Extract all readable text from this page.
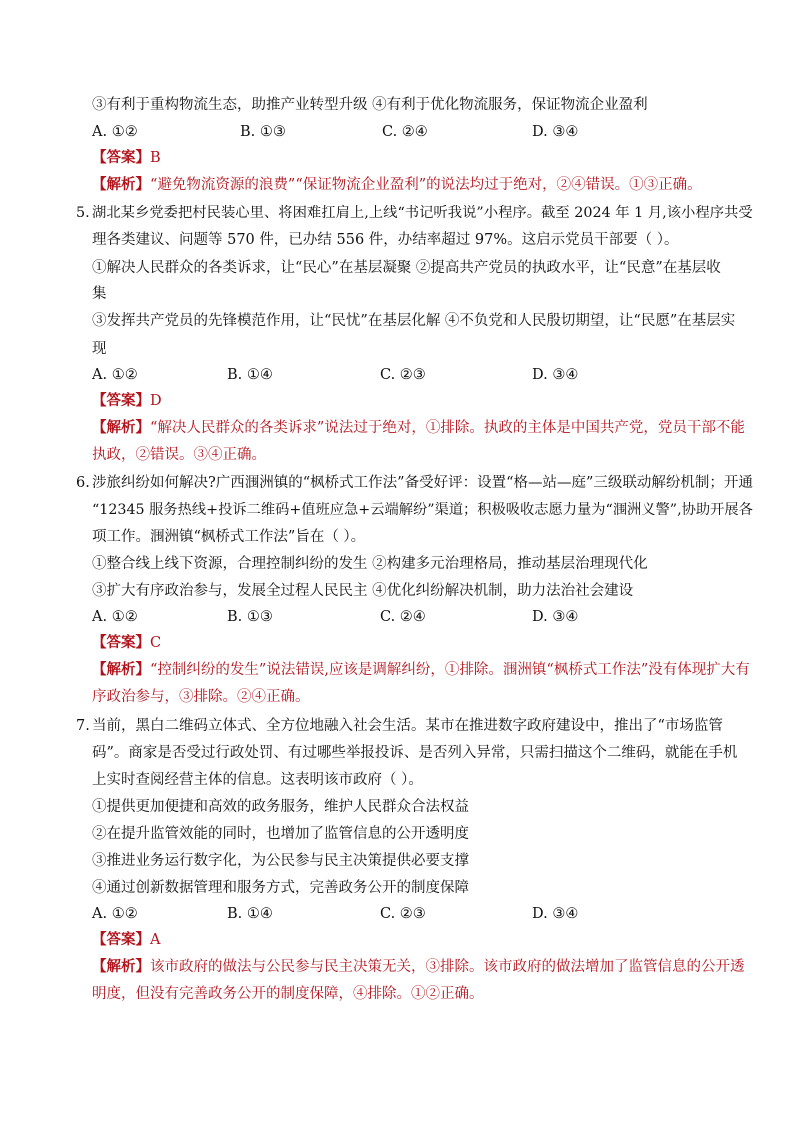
③有利于重构物流生态，助推产业转型升级 ④有利于优化物流服务，保证物流企业盈利
A. ①②	B. ①③	C. ②④	D. ③④
【答案】B
【解析】“避免物流资源的浪费”“保证物流企业盈利”的说法均过于绝对，②④错误。①③正确。
5. 湖北某乡党委把村民装心里、将困难扛肩上,上线“书记听我说”小程序。截至 2024 年 1 月,该小程序共受
理各类建议、问题等 570 件，已办结 556 件，办结率超过 97%。这启示党员干部要（ ）。
①解决人民群众的各类诉求，让“民心”在基层凝聚 ②提高共产党员的执政水平，让“民意”在基层收
集
③发挥共产党员的先锋模范作用，让“民忧”在基层化解 ④不负党和人民殷切期望，让“民愿”在基层实
现
A. ①②	B. ①④	C. ②③	D. ③④
【答案】D
【解析】“解决人民群众的各类诉求”说法过于绝对，①排除。执政的主体是中国共产党，党员干部不能
执政，②错误。③④正确。
6. 涉旅纠纷如何解决?广西涠洲镇的“枫桥式工作法”备受好评：设置“格—站—庭”三级联动解纷机制；开通
“12345 服务热线+投诉二维码+值班应急+云端解纷”渠道；积极吸收志愿力量为“涠洲义警”,协助开展各
项工作。涠洲镇“枫桥式工作法”旨在（ ）。
①整合线上线下资源，合理控制纠纷的发生 ②构建多元治理格局，推动基层治理现代化
③扩大有序政治参与，发展全过程人民民主 ④优化纠纷解决机制，助力法治社会建设
A. ①②	B. ①③	C. ②④	D. ③④
【答案】C
【解析】“控制纠纷的发生”说法错误,应该是调解纠纷，①排除。涠洲镇“枫桥式工作法”没有体现扩大有
序政治参与，③排除。②④正确。
7. 当前，黑白二维码立体式、全方位地融入社会生活。某市在推进数字政府建设中，推出了“市场监管
码”。商家是否受过行政处罚、有过哪些举报投诉、是否列入异常，只需扫描这个二维码，就能在手机
上实时查阅经营主体的信息。这表明该市政府（ ）。
①提供更加便捷和高效的政务服务，维护人民群众合法权益
②在提升监管效能的同时，也增加了监管信息的公开透明度
③推进业务运行数字化，为公民参与民主决策提供必要支撑
④通过创新数据管理和服务方式，完善政务公开的制度保障
A. ①②	B. ①④	C. ②③	D. ③④
【答案】A
【解析】该市政府的做法与公民参与民主决策无关，③排除。该市政府的做法增加了监管信息的公开透
明度，但没有完善政务公开的制度保障，④排除。①②正确。
